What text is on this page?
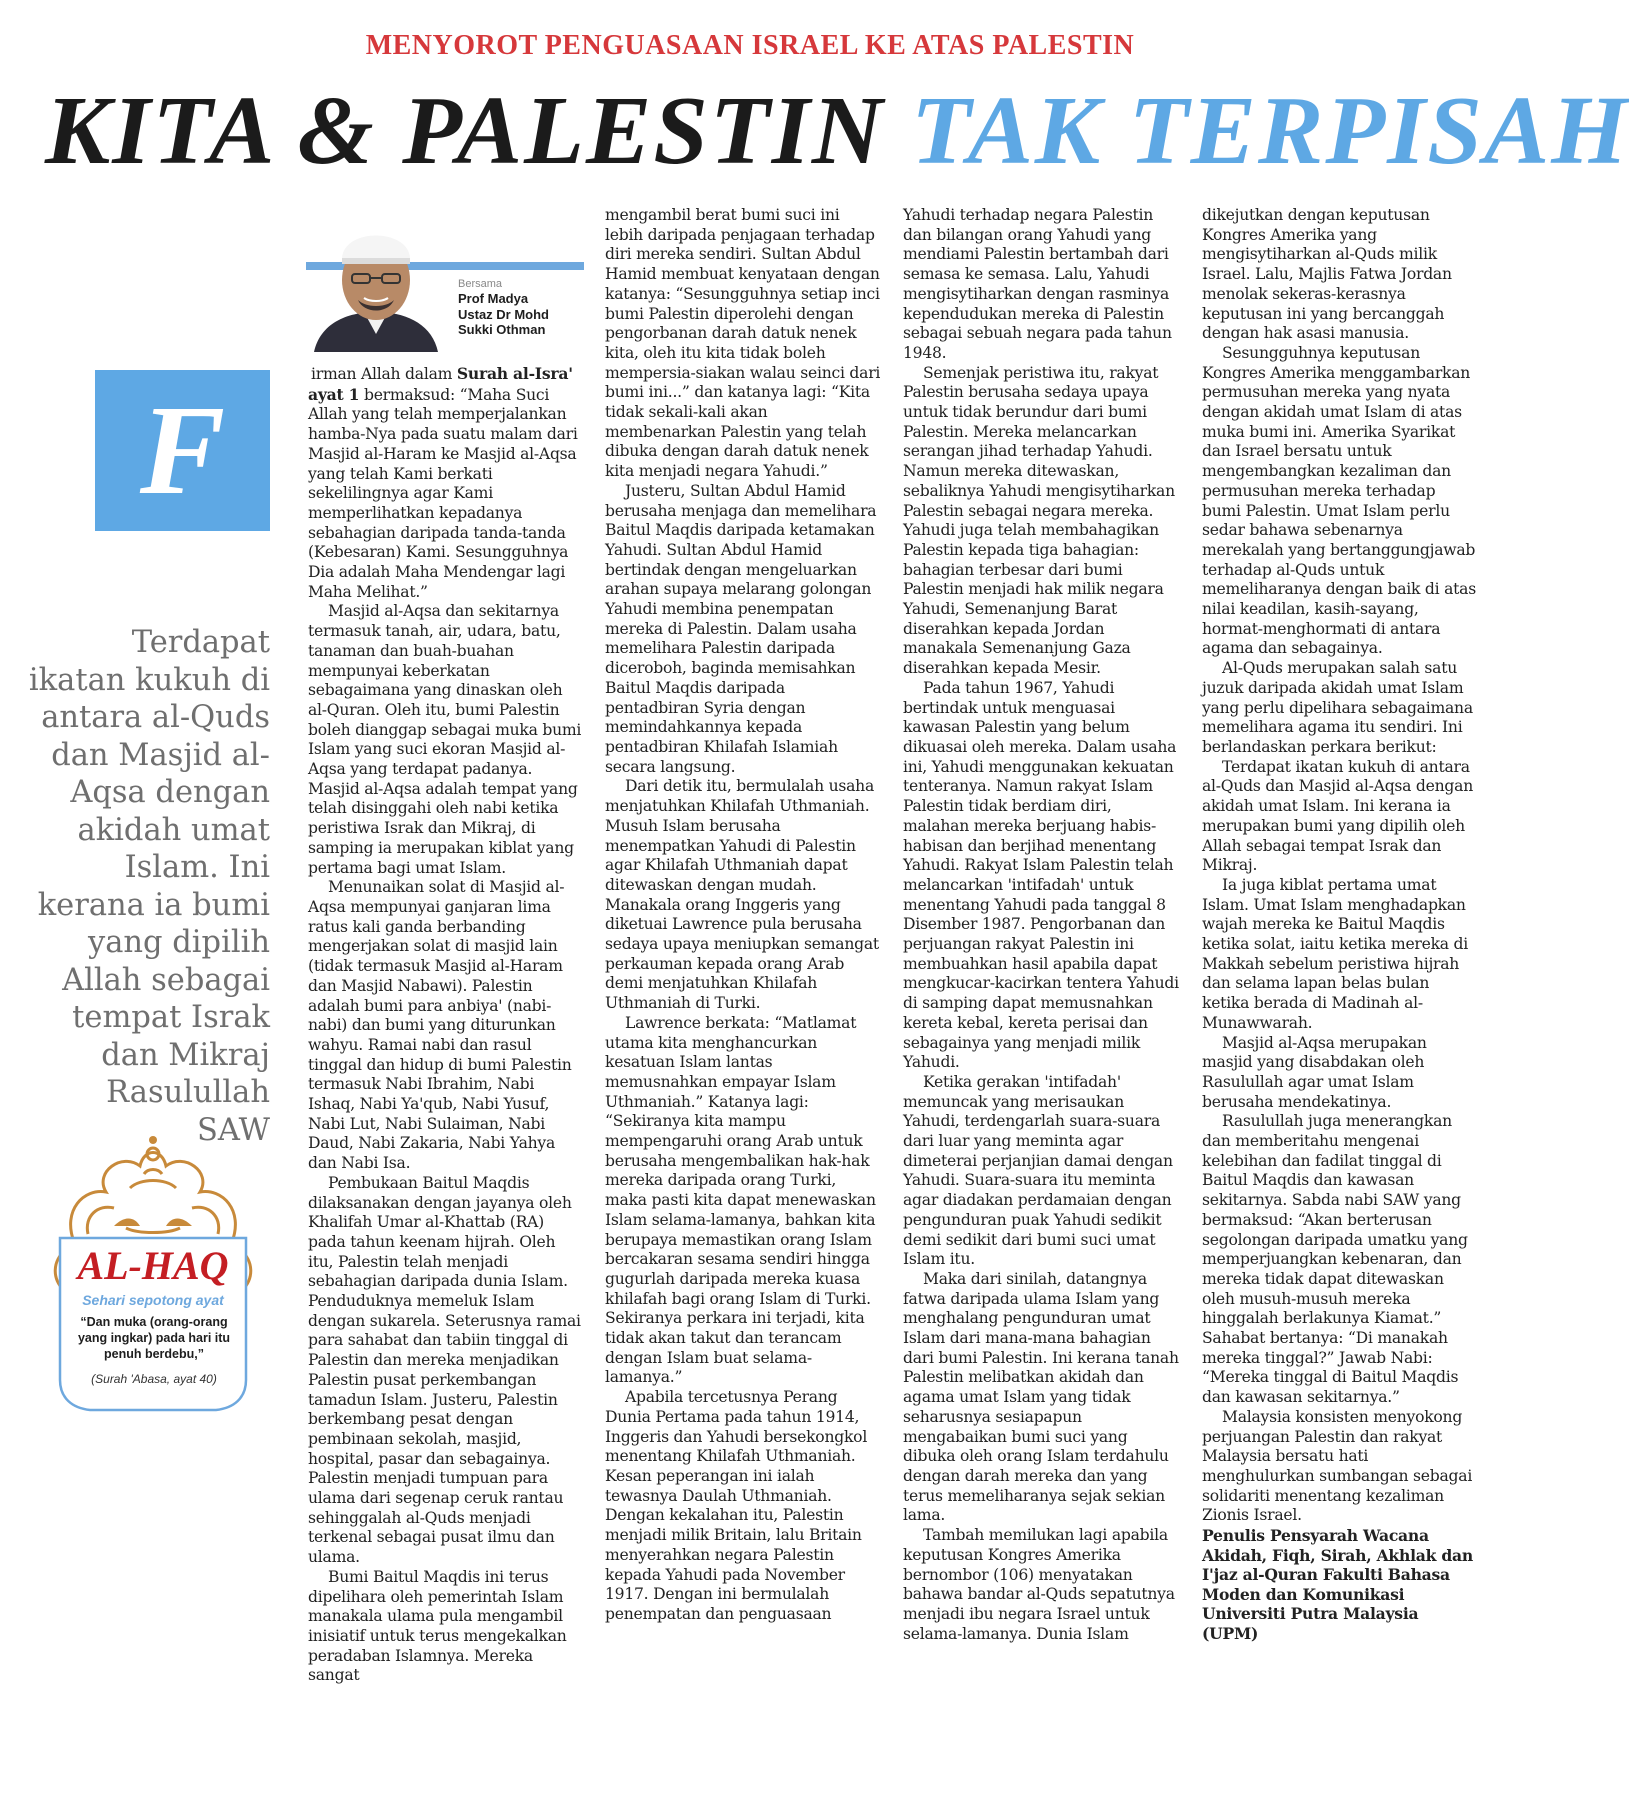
MENYOROT PENGUASAAN ISRAEL KE ATAS PALESTIN
KITA & PALESTIN TAK TERPISAH
Bersama
Prof Madya
Ustaz Dr Mohd
Sukki Othman
F
Terdapat ikatan kukuh di antara al-Quds dan Masjid al-Aqsa dengan akidah umat Islam. Ini kerana ia bumi yang dipilih Allah sebagai tempat Israk dan Mikraj Rasulullah SAW
AL-HAQ
Sehari sepotong ayat
“Dan muka (orang-orang yang ingkar) pada hari itu penuh berdebu,”
(Surah 'Abasa, ayat 40)

irman Allah dalam Surah al-Isra' ayat 1 bermaksud: “Maha Suci Allah yang telah memperjalankan hamba-Nya pada suatu malam dari Masjid al-Haram ke Masjid al-Aqsa yang telah Kami berkati sekelilingnya agar Kami memperlihatkan kepadanya sebahagian daripada tanda-tanda (Kebesaran) Kami. Sesungguhnya Dia adalah Maha Mendengar lagi Maha Melihat.”

Masjid al-Aqsa dan sekitarnya termasuk tanah, air, udara, batu, tanaman dan buah-buahan mempunyai keberkatan sebagaimana yang dinaskan oleh al-Quran. Oleh itu, bumi Palestin boleh dianggap sebagai muka bumi Islam yang suci ekoran Masjid al-Aqsa yang terdapat padanya. Masjid al-Aqsa adalah tempat yang telah disinggahi oleh nabi ketika peristiwa Israk dan Mikraj, di samping ia merupakan kiblat yang pertama bagi umat Islam.

Menunaikan solat di Masjid al-Aqsa mempunyai ganjaran lima ratus kali ganda berbanding mengerjakan solat di masjid lain (tidak termasuk Masjid al-Haram dan Masjid Nabawi). Palestin adalah bumi para anbiya' (nabi-nabi) dan bumi yang diturunkan wahyu. Ramai nabi dan rasul tinggal dan hidup di bumi Palestin termasuk Nabi Ibrahim, Nabi Ishaq, Nabi Ya'qub, Nabi Yusuf, Nabi Lut, Nabi Sulaiman, Nabi Daud, Nabi Zakaria, Nabi Yahya dan Nabi Isa.

Pembukaan Baitul Maqdis dilaksanakan dengan jayanya oleh Khalifah Umar al-Khattab (RA) pada tahun keenam hijrah. Oleh itu, Palestin telah menjadi sebahagian daripada dunia Islam. Penduduknya memeluk Islam dengan sukarela. Seterusnya ramai para sahabat dan tabiin tinggal di Palestin dan mereka menjadikan Palestin pusat perkembangan tamadun Islam. Justeru, Palestin berkembang pesat dengan pembinaan sekolah, masjid, hospital, pasar dan sebagainya. Palestin menjadi tumpuan para ulama dari segenap ceruk rantau sehinggalah al-Quds menjadi terkenal sebagai pusat ilmu dan ulama.

Bumi Baitul Maqdis ini terus dipelihara oleh pemerintah Islam manakala ulama pula mengambil inisiatif untuk terus mengekalkan peradaban Islamnya. Mereka sangat

mengambil berat bumi suci ini lebih daripada penjagaan terhadap diri mereka sendiri. Sultan Abdul Hamid membuat kenyataan dengan katanya: “Sesungguhnya setiap inci bumi Palestin diperolehi dengan pengorbanan darah datuk nenek kita, oleh itu kita tidak boleh mempersia-siakan walau seinci dari bumi ini...” dan katanya lagi: “Kita tidak sekali-kali akan membenarkan Palestin yang telah dibuka dengan darah datuk nenek kita menjadi negara Yahudi.”

Justeru, Sultan Abdul Hamid berusaha menjaga dan memelihara Baitul Maqdis daripada ketamakan Yahudi. Sultan Abdul Hamid bertindak dengan mengeluarkan arahan supaya melarang golongan Yahudi membina penempatan mereka di Palestin. Dalam usaha memelihara Palestin daripada diceroboh, baginda memisahkan Baitul Maqdis daripada pentadbiran Syria dengan memindahkannya kepada pentadbiran Khilafah Islamiah secara langsung.

Dari detik itu, bermulalah usaha menjatuhkan Khilafah Uthmaniah. Musuh Islam berusaha menempatkan Yahudi di Palestin agar Khilafah Uthmaniah dapat ditewaskan dengan mudah. Manakala orang Inggeris yang diketuai Lawrence pula berusaha sedaya upaya meniupkan semangat perkauman kepada orang Arab demi menjatuhkan Khilafah Uthmaniah di Turki.

Lawrence berkata: “Matlamat utama kita menghancurkan kesatuan Islam lantas memusnahkan empayar Islam Uthmaniah.” Katanya lagi: “Sekiranya kita mampu mempengaruhi orang Arab untuk berusaha mengembalikan hak-hak mereka daripada orang Turki, maka pasti kita dapat menewaskan Islam selama-lamanya, bahkan kita berupaya memastikan orang Islam bercakaran sesama sendiri hingga gugurlah daripada mereka kuasa khilafah bagi orang Islam di Turki. Sekiranya perkara ini terjadi, kita tidak akan takut dan terancam dengan Islam buat selama-lamanya.”

Apabila tercetusnya Perang Dunia Pertama pada tahun 1914, Inggeris dan Yahudi bersekongkol menentang Khilafah Uthmaniah. Kesan peperangan ini ialah tewasnya Daulah Uthmaniah. Dengan kekalahan itu, Palestin menjadi milik Britain, lalu Britain menyerahkan negara Palestin kepada Yahudi pada November 1917. Dengan ini bermulalah penempatan dan penguasaan

Yahudi terhadap negara Palestin dan bilangan orang Yahudi yang mendiami Palestin bertambah dari semasa ke semasa. Lalu, Yahudi mengisytiharkan dengan rasminya kependudukan mereka di Palestin sebagai sebuah negara pada tahun 1948.

Semenjak peristiwa itu, rakyat Palestin berusaha sedaya upaya untuk tidak berundur dari bumi Palestin. Mereka melancarkan serangan jihad terhadap Yahudi. Namun mereka ditewaskan, sebaliknya Yahudi mengisytiharkan Palestin sebagai negara mereka. Yahudi juga telah membahagikan Palestin kepada tiga bahagian: bahagian terbesar dari bumi Palestin menjadi hak milik negara Yahudi, Semenanjung Barat diserahkan kepada Jordan manakala Semenanjung Gaza diserahkan kepada Mesir.

Pada tahun 1967, Yahudi bertindak untuk menguasai kawasan Palestin yang belum dikuasai oleh mereka. Dalam usaha ini, Yahudi menggunakan kekuatan tenteranya. Namun rakyat Islam Palestin tidak berdiam diri, malahan mereka berjuang habis-habisan dan berjihad menentang Yahudi. Rakyat Islam Palestin telah melancarkan 'intifadah' untuk menentang Yahudi pada tanggal 8 Disember 1987. Pengorbanan dan perjuangan rakyat Palestin ini membuahkan hasil apabila dapat mengkucar-kacirkan tentera Yahudi di samping dapat memusnahkan kereta kebal, kereta perisai dan sebagainya yang menjadi milik Yahudi.

Ketika gerakan 'intifadah' memuncak yang merisaukan Yahudi, terdengarlah suara-suara dari luar yang meminta agar dimeterai perjanjian damai dengan Yahudi. Suara-suara itu meminta agar diadakan perdamaian dengan pengunduran puak Yahudi sedikit demi sedikit dari bumi suci umat Islam itu.

Maka dari sinilah, datangnya fatwa daripada ulama Islam yang menghalang pengunduran umat Islam dari mana-mana bahagian dari bumi Palestin. Ini kerana tanah Palestin melibatkan akidah dan agama umat Islam yang tidak seharusnya sesiapapun mengabaikan bumi suci yang dibuka oleh orang Islam terdahulu dengan darah mereka dan yang terus memeliharanya sejak sekian lama.

Tambah memilukan lagi apabila keputusan Kongres Amerika bernombor (106) menyatakan bahawa bandar al-Quds sepatutnya menjadi ibu negara Israel untuk selama-lamanya. Dunia Islam

dikejutkan dengan keputusan Kongres Amerika yang mengisytiharkan al-Quds milik Israel. Lalu, Majlis Fatwa Jordan menolak sekeras-kerasnya keputusan ini yang bercanggah dengan hak asasi manusia.

Sesungguhnya keputusan Kongres Amerika menggambarkan permusuhan mereka yang nyata dengan akidah umat Islam di atas muka bumi ini. Amerika Syarikat dan Israel bersatu untuk mengembangkan kezaliman dan permusuhan mereka terhadap bumi Palestin. Umat Islam perlu sedar bahawa sebenarnya merekalah yang bertanggungjawab terhadap al-Quds untuk memeliharanya dengan baik di atas nilai keadilan, kasih-sayang, hormat-menghormati di antara agama dan sebagainya.

Al-Quds merupakan salah satu juzuk daripada akidah umat Islam yang perlu dipelihara sebagaimana memelihara agama itu sendiri. Ini berlandaskan perkara berikut:

Terdapat ikatan kukuh di antara al-Quds dan Masjid al-Aqsa dengan akidah umat Islam. Ini kerana ia merupakan bumi yang dipilih oleh Allah sebagai tempat Israk dan Mikraj.

Ia juga kiblat pertama umat Islam. Umat Islam menghadapkan wajah mereka ke Baitul Maqdis ketika solat, iaitu ketika mereka di Makkah sebelum peristiwa hijrah dan selama lapan belas bulan ketika berada di Madinah al-Munawwarah.

Masjid al-Aqsa merupakan masjid yang disabdakan oleh Rasulullah agar umat Islam berusaha mendekatinya.

Rasulullah juga menerangkan dan memberitahu mengenai kelebihan dan fadilat tinggal di Baitul Maqdis dan kawasan sekitarnya. Sabda nabi SAW yang bermaksud: “Akan berterusan segolongan daripada umatku yang memperjuangkan kebenaran, dan mereka tidak dapat ditewaskan oleh musuh-musuh mereka hinggalah berlakunya Kiamat.” Sahabat bertanya: “Di manakah mereka tinggal?” Jawab Nabi: “Mereka tinggal di Baitul Maqdis dan kawasan sekitarnya.”

Malaysia konsisten menyokong perjuangan Palestin dan rakyat Malaysia bersatu hati menghulurkan sumbangan sebagai solidariti menentang kezaliman Zionis Israel.

Penulis Pensyarah Wacana Akidah, Fiqh, Sirah, Akhlak dan I'jaz al-Quran Fakulti Bahasa Moden dan Komunikasi Universiti Putra Malaysia (UPM)
